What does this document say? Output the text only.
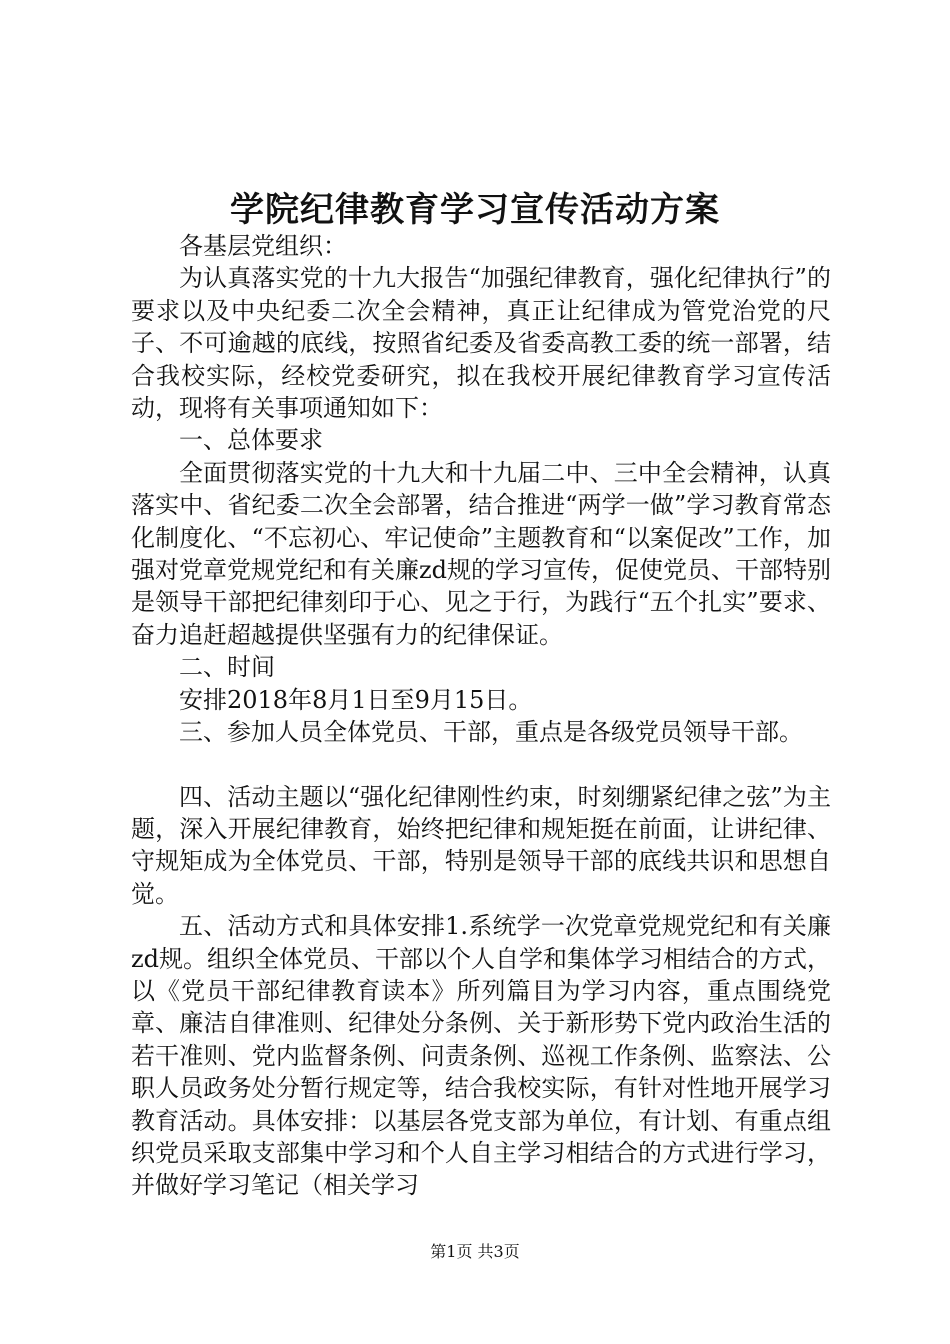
学院纪律教育学习宣传活动方案

各基层党组织：

为认真落实党的十九大报告“加强纪律教育，强化纪律执行”的要求以及中央纪委二次全会精神，真正让纪律成为管党治党的尺子、不可逾越的底线，按照省纪委及省委高教工委的统一部署，结合我校实际，经校党委研究，拟在我校开展纪律教育学习宣传活动，现将有关事项通知如下：

一、总体要求

全面贯彻落实党的十九大和十九届二中、三中全会精神，认真落实中、省纪委二次全会部署，结合推进“两学一做”学习教育常态化制度化、“不忘初心、牢记使命”主题教育和“以案促改”工作，加强对党章党规党纪和有关廉zd规的学习宣传，促使党员、干部特别是领导干部把纪律刻印于心、见之于行，为践行“五个扎实”要求、奋力追赶超越提供坚强有力的纪律保证。

二、时间

安排2018年8月1日至9月15日。

三、参加人员全体党员、干部，重点是各级党员领导干部。

四、活动主题以“强化纪律刚性约束，时刻绷紧纪律之弦”为主题，深入开展纪律教育，始终把纪律和规矩挺在前面，让讲纪律、守规矩成为全体党员、干部，特别是领导干部的底线共识和思想自觉。

五、活动方式和具体安排1.系统学一次党章党规党纪和有关廉zd规。组织全体党员、干部以个人自学和集体学习相结合的方式，以《党员干部纪律教育读本》所列篇目为学习内容，重点围绕党章、廉洁自律准则、纪律处分条例、关于新形势下党内政治生活的若干准则、党内监督条例、问责条例、巡视工作条例、监察法、公职人员政务处分暂行规定等，结合我校实际，有针对性地开展学习教育活动。具体安排：以基层各党支部为单位，有计划、有重点组织党员采取支部集中学习和个人自主学习相结合的方式进行学习，并做好学习笔记（相关学习

第1页 共3页
